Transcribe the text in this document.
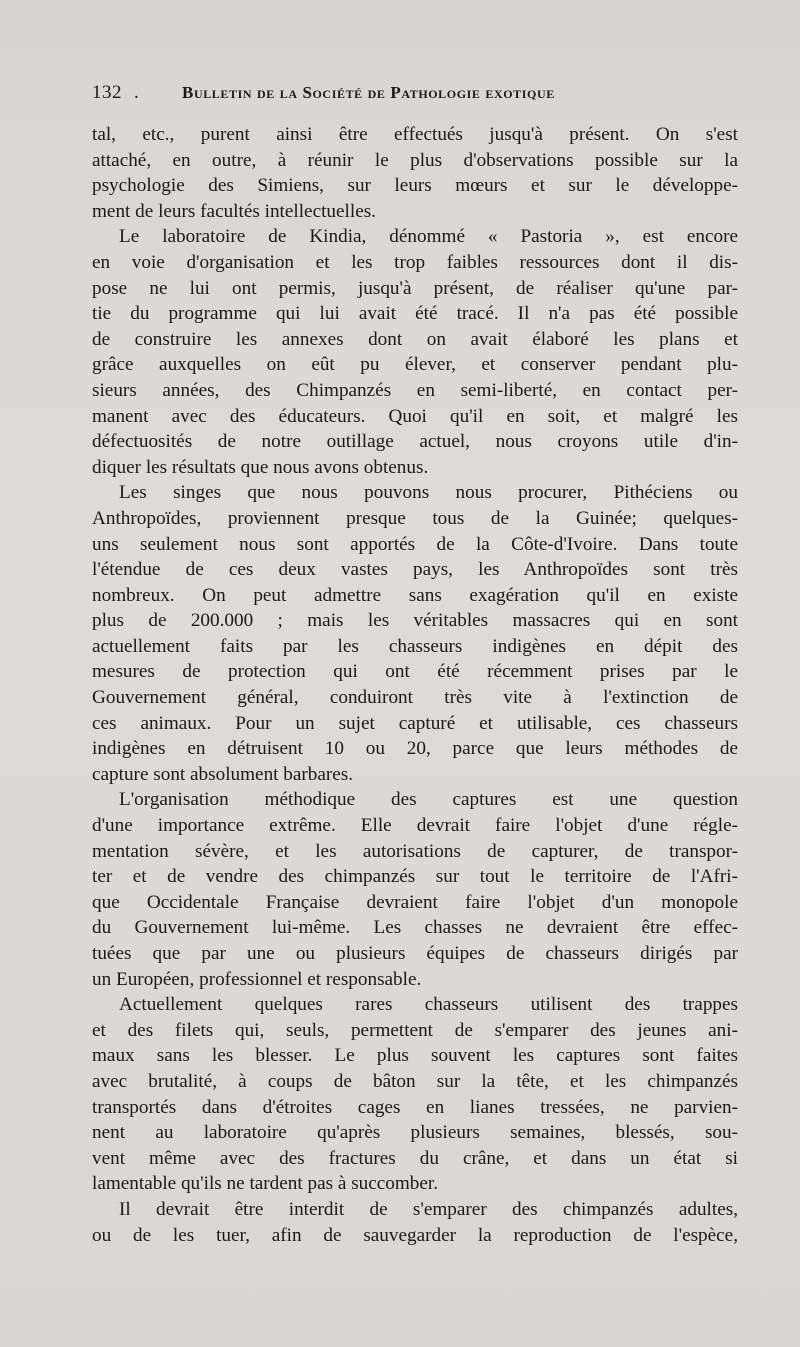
132 .	Bulletin de la Société de Pathologie exotique
tal, etc., purent ainsi être effectués jusqu'à présent. On s'est
attaché, en outre, à réunir le plus d'observations possible sur la
psychologie des Simiens, sur leurs mœurs et sur le développe-
ment de leurs facultés intellectuelles.
Le laboratoire de Kindia, dénommé « Pastoria », est encore
en voie d'organisation et les trop faibles ressources dont il dis-
pose ne lui ont permis, jusqu'à présent, de réaliser qu'une par-
tie du programme qui lui avait été tracé. Il n'a pas été possible
de construire les annexes dont on avait élaboré les plans et
grâce auxquelles on eût pu élever, et conserver pendant plu-
sieurs années, des Chimpanzés en semi-liberté, en contact per-
manent avec des éducateurs. Quoi qu'il en soit, et malgré les
défectuosités de notre outillage actuel, nous croyons utile d'in-
diquer les résultats que nous avons obtenus.
Les singes que nous pouvons nous procurer, Pithéciens ou
Anthropoïdes, proviennent presque tous de la Guinée; quelques-
uns seulement nous sont apportés de la Côte-d'Ivoire. Dans toute
l'étendue de ces deux vastes pays, les Anthropoïdes sont très
nombreux. On peut admettre sans exagération qu'il en existe
plus de 200.000 ; mais les véritables massacres qui en sont
actuellement faits par les chasseurs indigènes en dépit des
mesures de protection qui ont été récemment prises par le
Gouvernement général, conduiront très vite à l'extinction de
ces animaux. Pour un sujet capturé et utilisable, ces chasseurs
indigènes en détruisent 10 ou 20, parce que leurs méthodes de
capture sont absolument barbares.
L'organisation méthodique des captures est une question
d'une importance extrême. Elle devrait faire l'objet d'une régle-
mentation sévère, et les autorisations de capturer, de transpor-
ter et de vendre des chimpanzés sur tout le territoire de l'Afri-
que Occidentale Française devraient faire l'objet d'un monopole
du Gouvernement lui-même. Les chasses ne devraient être effec-
tuées que par une ou plusieurs équipes de chasseurs dirigés par
un Européen, professionnel et responsable.
Actuellement quelques rares chasseurs utilisent des trappes
et des filets qui, seuls, permettent de s'emparer des jeunes ani-
maux sans les blesser. Le plus souvent les captures sont faites
avec brutalité, à coups de bâton sur la tête, et les chimpanzés
transportés dans d'étroites cages en lianes tressées, ne parvien-
nent au laboratoire qu'après plusieurs semaines, blessés, sou-
vent même avec des fractures du crâne, et dans un état si
lamentable qu'ils ne tardent pas à succomber.
Il devrait être interdit de s'emparer des chimpanzés adultes,
ou de les tuer, afin de sauvegarder la reproduction de l'espèce,
